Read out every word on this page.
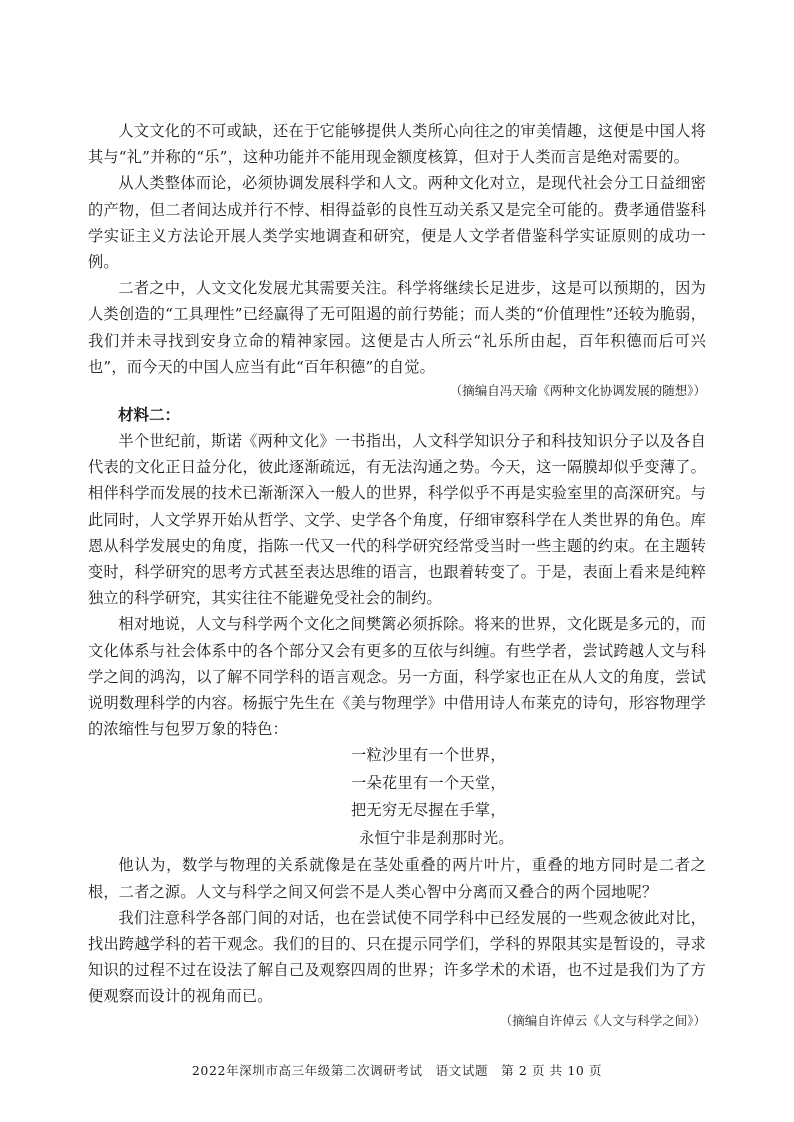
人文文化的不可或缺，还在于它能够提供人类所心向往之的审美情趣，这便是中国人将其与“礼”并称的“乐”，这种功能并不能用现金额度核算，但对于人类而言是绝对需要的。

从人类整体而论，必须协调发展科学和人文。两种文化对立，是现代社会分工日益细密的产物，但二者间达成并行不悖、相得益彰的良性互动关系又是完全可能的。费孝通借鉴科学实证主义方法论开展人类学实地调查和研究，便是人文学者借鉴科学实证原则的成功一例。

二者之中，人文文化发展尤其需要关注。科学将继续长足进步，这是可以预期的，因为人类创造的“工具理性”已经赢得了无可阻遏的前行势能；而人类的“价值理性”还较为脆弱，我们并未寻找到安身立命的精神家园。这便是古人所云“礼乐所由起，百年积德而后可兴也”，而今天的中国人应当有此“百年积德”的自觉。

（摘编自冯天瑜《两种文化协调发展的随想》）

材料二：

半个世纪前，斯诺《两种文化》一书指出，人文科学知识分子和科技知识分子以及各自代表的文化正日益分化，彼此逐渐疏远，有无法沟通之势。今天，这一隔膜却似乎变薄了。相伴科学而发展的技术已渐渐深入一般人的世界，科学似乎不再是实验室里的高深研究。与此同时，人文学界开始从哲学、文学、史学各个角度，仔细审察科学在人类世界的角色。库恩从科学发展史的角度，指陈一代又一代的科学研究经常受当时一些主题的约束。在主题转变时，科学研究的思考方式甚至表达思维的语言，也跟着转变了。于是，表面上看来是纯粹独立的科学研究，其实往往不能避免受社会的制约。

相对地说，人文与科学两个文化之间樊篱必须拆除。将来的世界，文化既是多元的，而文化体系与社会体系中的各个部分又会有更多的互依与纠缠。有些学者，尝试跨越人文与科学之间的鸿沟，以了解不同学科的语言观念。另一方面，科学家也正在从人文的角度，尝试说明数理科学的内容。杨振宁先生在《美与物理学》中借用诗人布莱克的诗句，形容物理学的浓缩性与包罗万象的特色：

一粒沙里有一个世界，
一朵花里有一个天堂，
把无穷无尽握在手掌，
永恒宁非是刹那时光。

他认为，数学与物理的关系就像是在茎处重叠的两片叶片，重叠的地方同时是二者之根，二者之源。人文与科学之间又何尝不是人类心智中分离而又叠合的两个园地呢？

我们注意科学各部门间的对话，也在尝试使不同学科中已经发展的一些观念彼此对比，找出跨越学科的若干观念。我们的目的、只在提示同学们，学科的界限其实是暂设的，寻求知识的过程不过在设法了解自己及观察四周的世界；许多学术的术语，也不过是我们为了方便观察而设计的视角而已。

（摘编自许倬云《人文与科学之间》）

2022年深圳市高三年级第二次调研考试　语文试题　第 2 页 共 10 页
